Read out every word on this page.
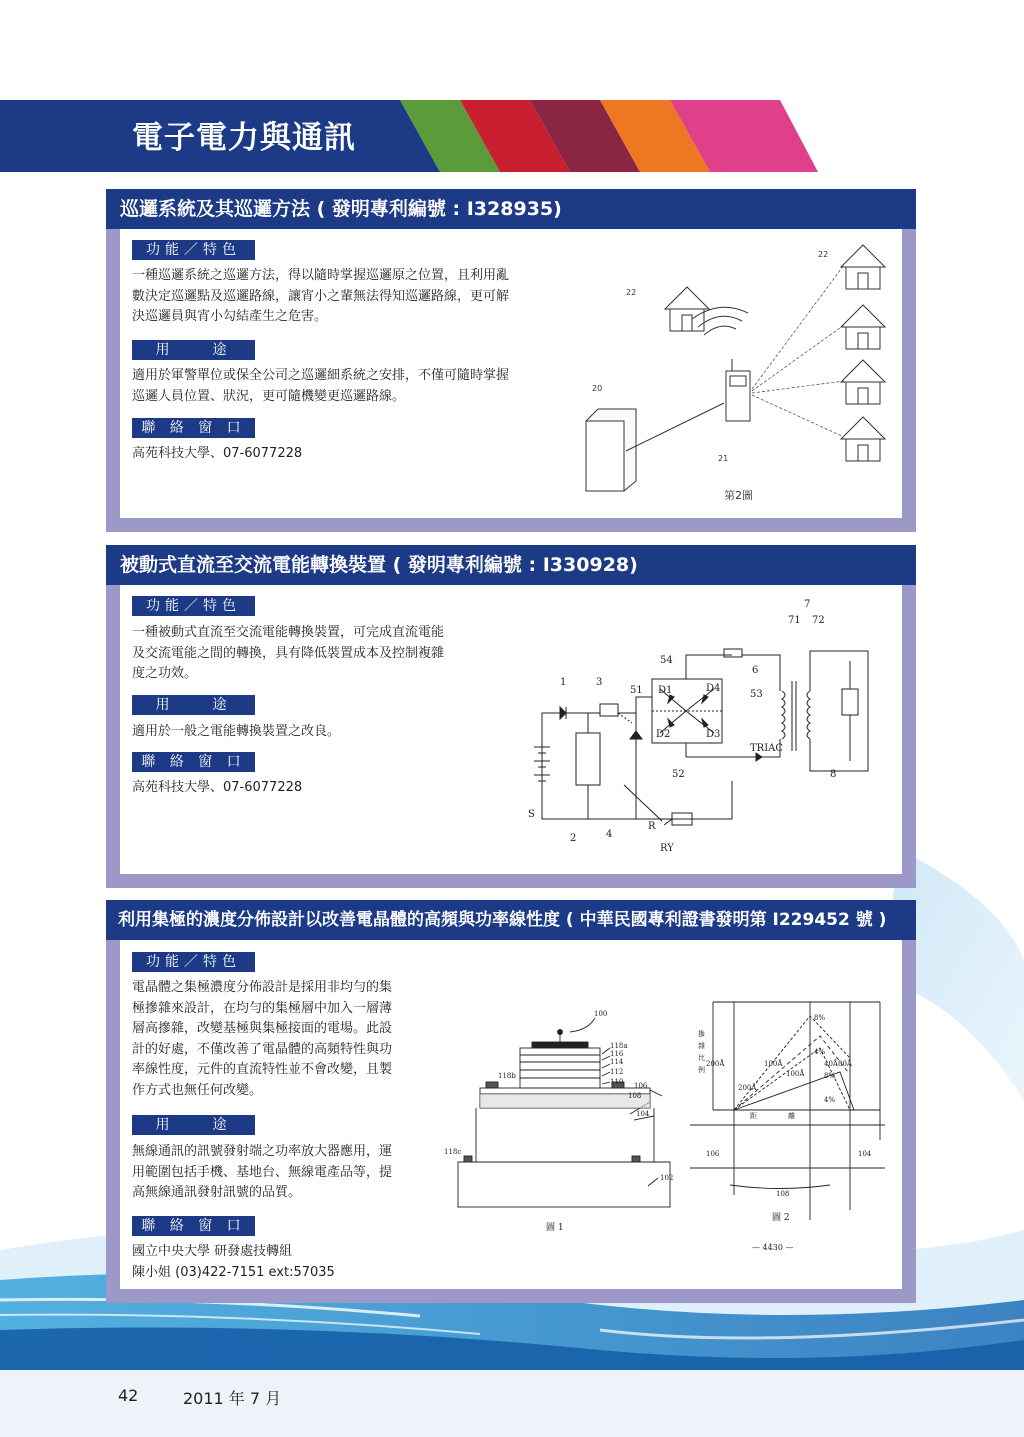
電子電力與通訊
巡邏系統及其巡邏方法 ( 發明專利編號 : I328935)
功能／特色
一種巡邏系統之巡邏方法，得以隨時掌握巡邏原之位置，且利用亂
數決定巡邏點及巡邏路線，讓宵小之輩無法得知巡邏路線，更可解
決巡邏員與宵小勾結產生之危害。
用　　途
適用於軍警單位或保全公司之巡邏細系統之安排，不僅可隨時掌握
巡邏人員位置、狀況，更可隨機變更巡邏路線。
聯 絡 窗 口
高苑科技大學、07-6077228
22
22
20
21
第2圖
被動式直流至交流電能轉換裝置 ( 發明專利編號 : I330928)
功能／特色
一種被動式直流至交流電能轉換裝置，可完成直流電能
及交流電能之間的轉換，具有降低裝置成本及控制複雜
度之功效。
用　　途
適用於一般之電能轉換裝置之改良。
聯 絡 窗 口
高苑科技大學、07-6077228
7
71 72
54
6
1	3
51 D1	D4
53
D2	D3
TRIAC
52	8
S
2	4
R
RY
利用集極的濃度分佈設計以改善電晶體的高頻與功率線性度 ( 中華民國專利證書發明第 I229452 號 )
功能／特色
電晶體之集極濃度分佈設計是採用非均勻的集
極摻雜來設計，在均勻的集極層中加入一層薄
層高摻雜，改變基極與集極接面的電場。此設
計的好處，不僅改善了電晶體的高頻特性與功
率線性度，元件的直流特性並不會改變，且製
作方式也無任何改變。
用　　途
無線通訊的訊號發射端之功率放大器應用，運
用範圍包括手機、基地台、無線電產品等，提
高無線通訊發射訊號的品質。
聯 絡 窗 口
國立中央大學 研發處技轉組
陳小姐 (03)422-7151 ext:57035
100
118a
116
114
112
110
118b
106
108
104
118c
102
圖 1
摻
雜
比
例
8%
4%
200Å	100Å	40Å 80Å
8%
100Å
200Å
4%
距	離
106	104
108
圖 2
— 4430 —
42	2011 年 7 月
